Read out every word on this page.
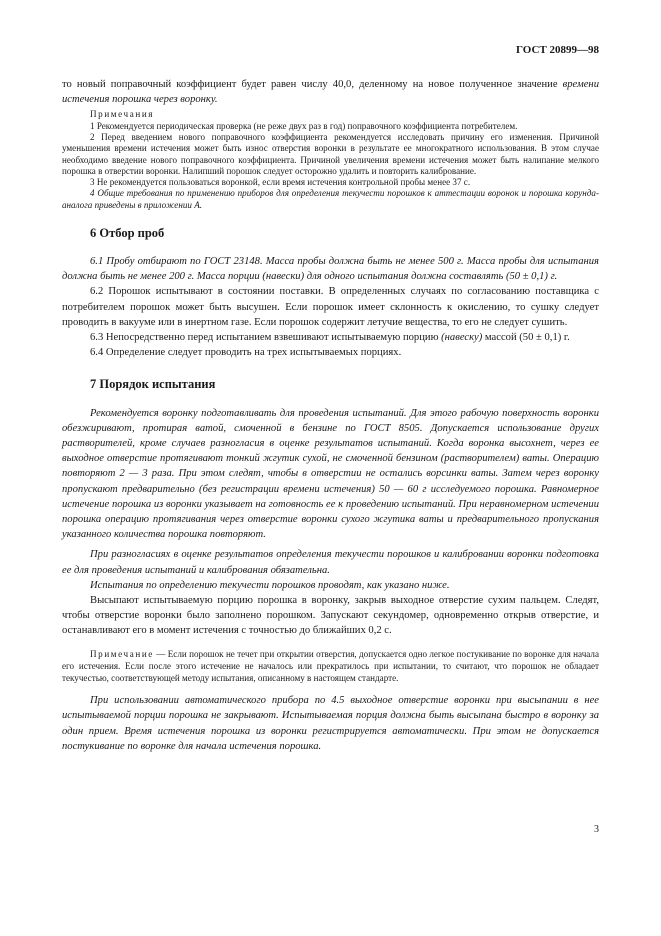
ГОСТ 20899—98

то новый поправочный коэффициент будет равен числу 40,0, деленному на новое полученное значение времени истечения порошка через воронку.

Примечания

1 Рекомендуется периодическая проверка (не реже двух раз в год) поправочного коэффициента потребителем.

2 Перед введением нового поправочного коэффициента рекомендуется исследовать причину его изменения. Причиной уменьшения времени истечения может быть износ отверстия воронки в результате ее многократного использования. В этом случае необходимо введение нового поправочного коэффициента. Причиной увеличения времени истечения может быть налипание мелкого порошка в отверстии воронки. Налипший порошок следует осторожно удалить и повторить калибрование.

3 Не рекомендуется пользоваться воронкой, если время истечения контрольной пробы менее 37 с.

4 Общие требования по применению приборов для определения текучести порошков к аттестации воронок и порошка корунда-аналога приведены в приложении А.

6 Отбор проб

6.1 Пробу отбирают по ГОСТ 23148. Масса пробы должна быть не менее 500 г. Масса пробы для испытания должна быть не менее 200 г. Масса порции (навески) для одного испытания должна составлять (50 ± 0,1) г.

6.2 Порошок испытывают в состоянии поставки. В определенных случаях по согласованию поставщика с потребителем порошок может быть высушен. Если порошок имеет склонность к окислению, то сушку следует проводить в вакууме или в инертном газе. Если порошок содержит летучие вещества, то его не следует сушить.

6.3 Непосредственно перед испытанием взвешивают испытываемую порцию (навеску) массой (50 ± 0,1) г.

6.4 Определение следует проводить на трех испытываемых порциях.

7 Порядок испытания

Рекомендуется воронку подготавливать для проведения испытаний. Для этого рабочую поверхность воронки обезжиривают, протирая ватой, смоченной в бензине по ГОСТ 8505. Допускается использование других растворителей, кроме случаев разногласия в оценке результатов испытаний. Когда воронка высохнет, через ее выходное отверстие протягивают тонкий жгутик сухой, не смоченной бензином (растворителем) ваты. Операцию повторяют 2 — 3 раза. При этом следят, чтобы в отверстии не остались ворсинки ваты. Затем через воронку пропускают предварительно (без регистрации времени истечения) 50 — 60 г исследуемого порошка. Равномерное истечение порошка из воронки указывает на готовность ее к проведению испытаний. При неравномерном истечении порошка операцию протягивания через отверстие воронки сухого жгутика ваты и предварительного пропускания указанного количества порошка повторяют.

При разногласиях в оценке результатов определения текучести порошков и калибровании воронки подготовка ее для проведения испытаний и калибрования обязательна.

Испытания по определению текучести порошков проводят, как указано ниже.

Высыпают испытываемую порцию порошка в воронку, закрыв выходное отверстие сухим пальцем. Следят, чтобы отверстие воронки было заполнено порошком. Запускают секундомер, одновременно открыв отверстие, и останавливают его в момент истечения с точностью до ближайших 0,2 с.

Примечание — Если порошок не течет при открытии отверстия, допускается одно легкое постукивание по воронке для начала его истечения. Если после этого истечение не началось или прекратилось при испытании, то считают, что порошок не обладает текучестью, соответствующей методу испытания, описанному в настоящем стандарте.

При использовании автоматического прибора по 4.5 выходное отверстие воронки при высыпании в нее испытываемой порции порошка не закрывают. Испытываемая порция должна быть высыпана быстро в воронку за один прием. Время истечения порошка из воронки регистрируется автоматически. При этом не допускается постукивание по воронке для начала истечения порошка.

3
